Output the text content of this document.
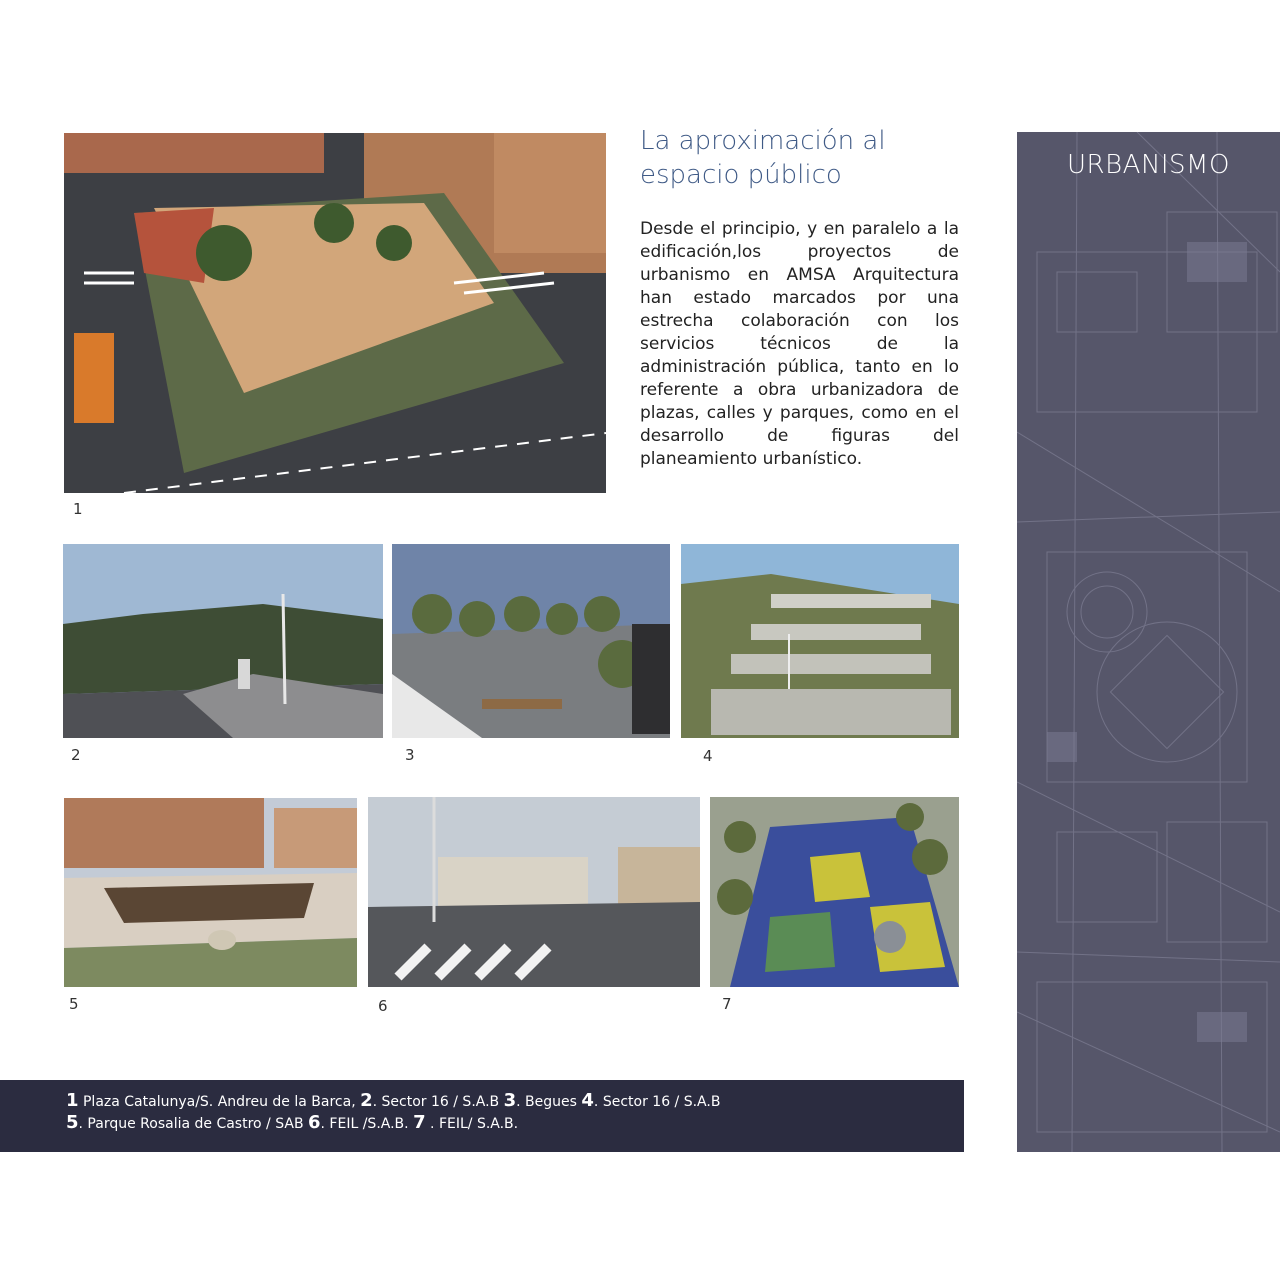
URBANISMO
1
La aproximación al
espacio público
Desde el principio, y en paralelo a la edificación,los proyectos de urbanismo en AMSA Arquitectura han estado marcados por una estrecha colaboración con los servicios técnicos de la administración pública, tanto en lo referente a obra urbanizadora de plazas, calles y parques, como en el desarrollo de figuras del planeamiento urbanístico.
2	3	4
5	6	7
1 Plaza Catalunya/S. Andreu de la Barca, 2. Sector 16 / S.A.B 3. Begues 4. Sector 16 / S.A.B
5. Parque Rosalia de Castro / SAB 6. FEIL /S.A.B. 7 . FEIL/ S.A.B.
